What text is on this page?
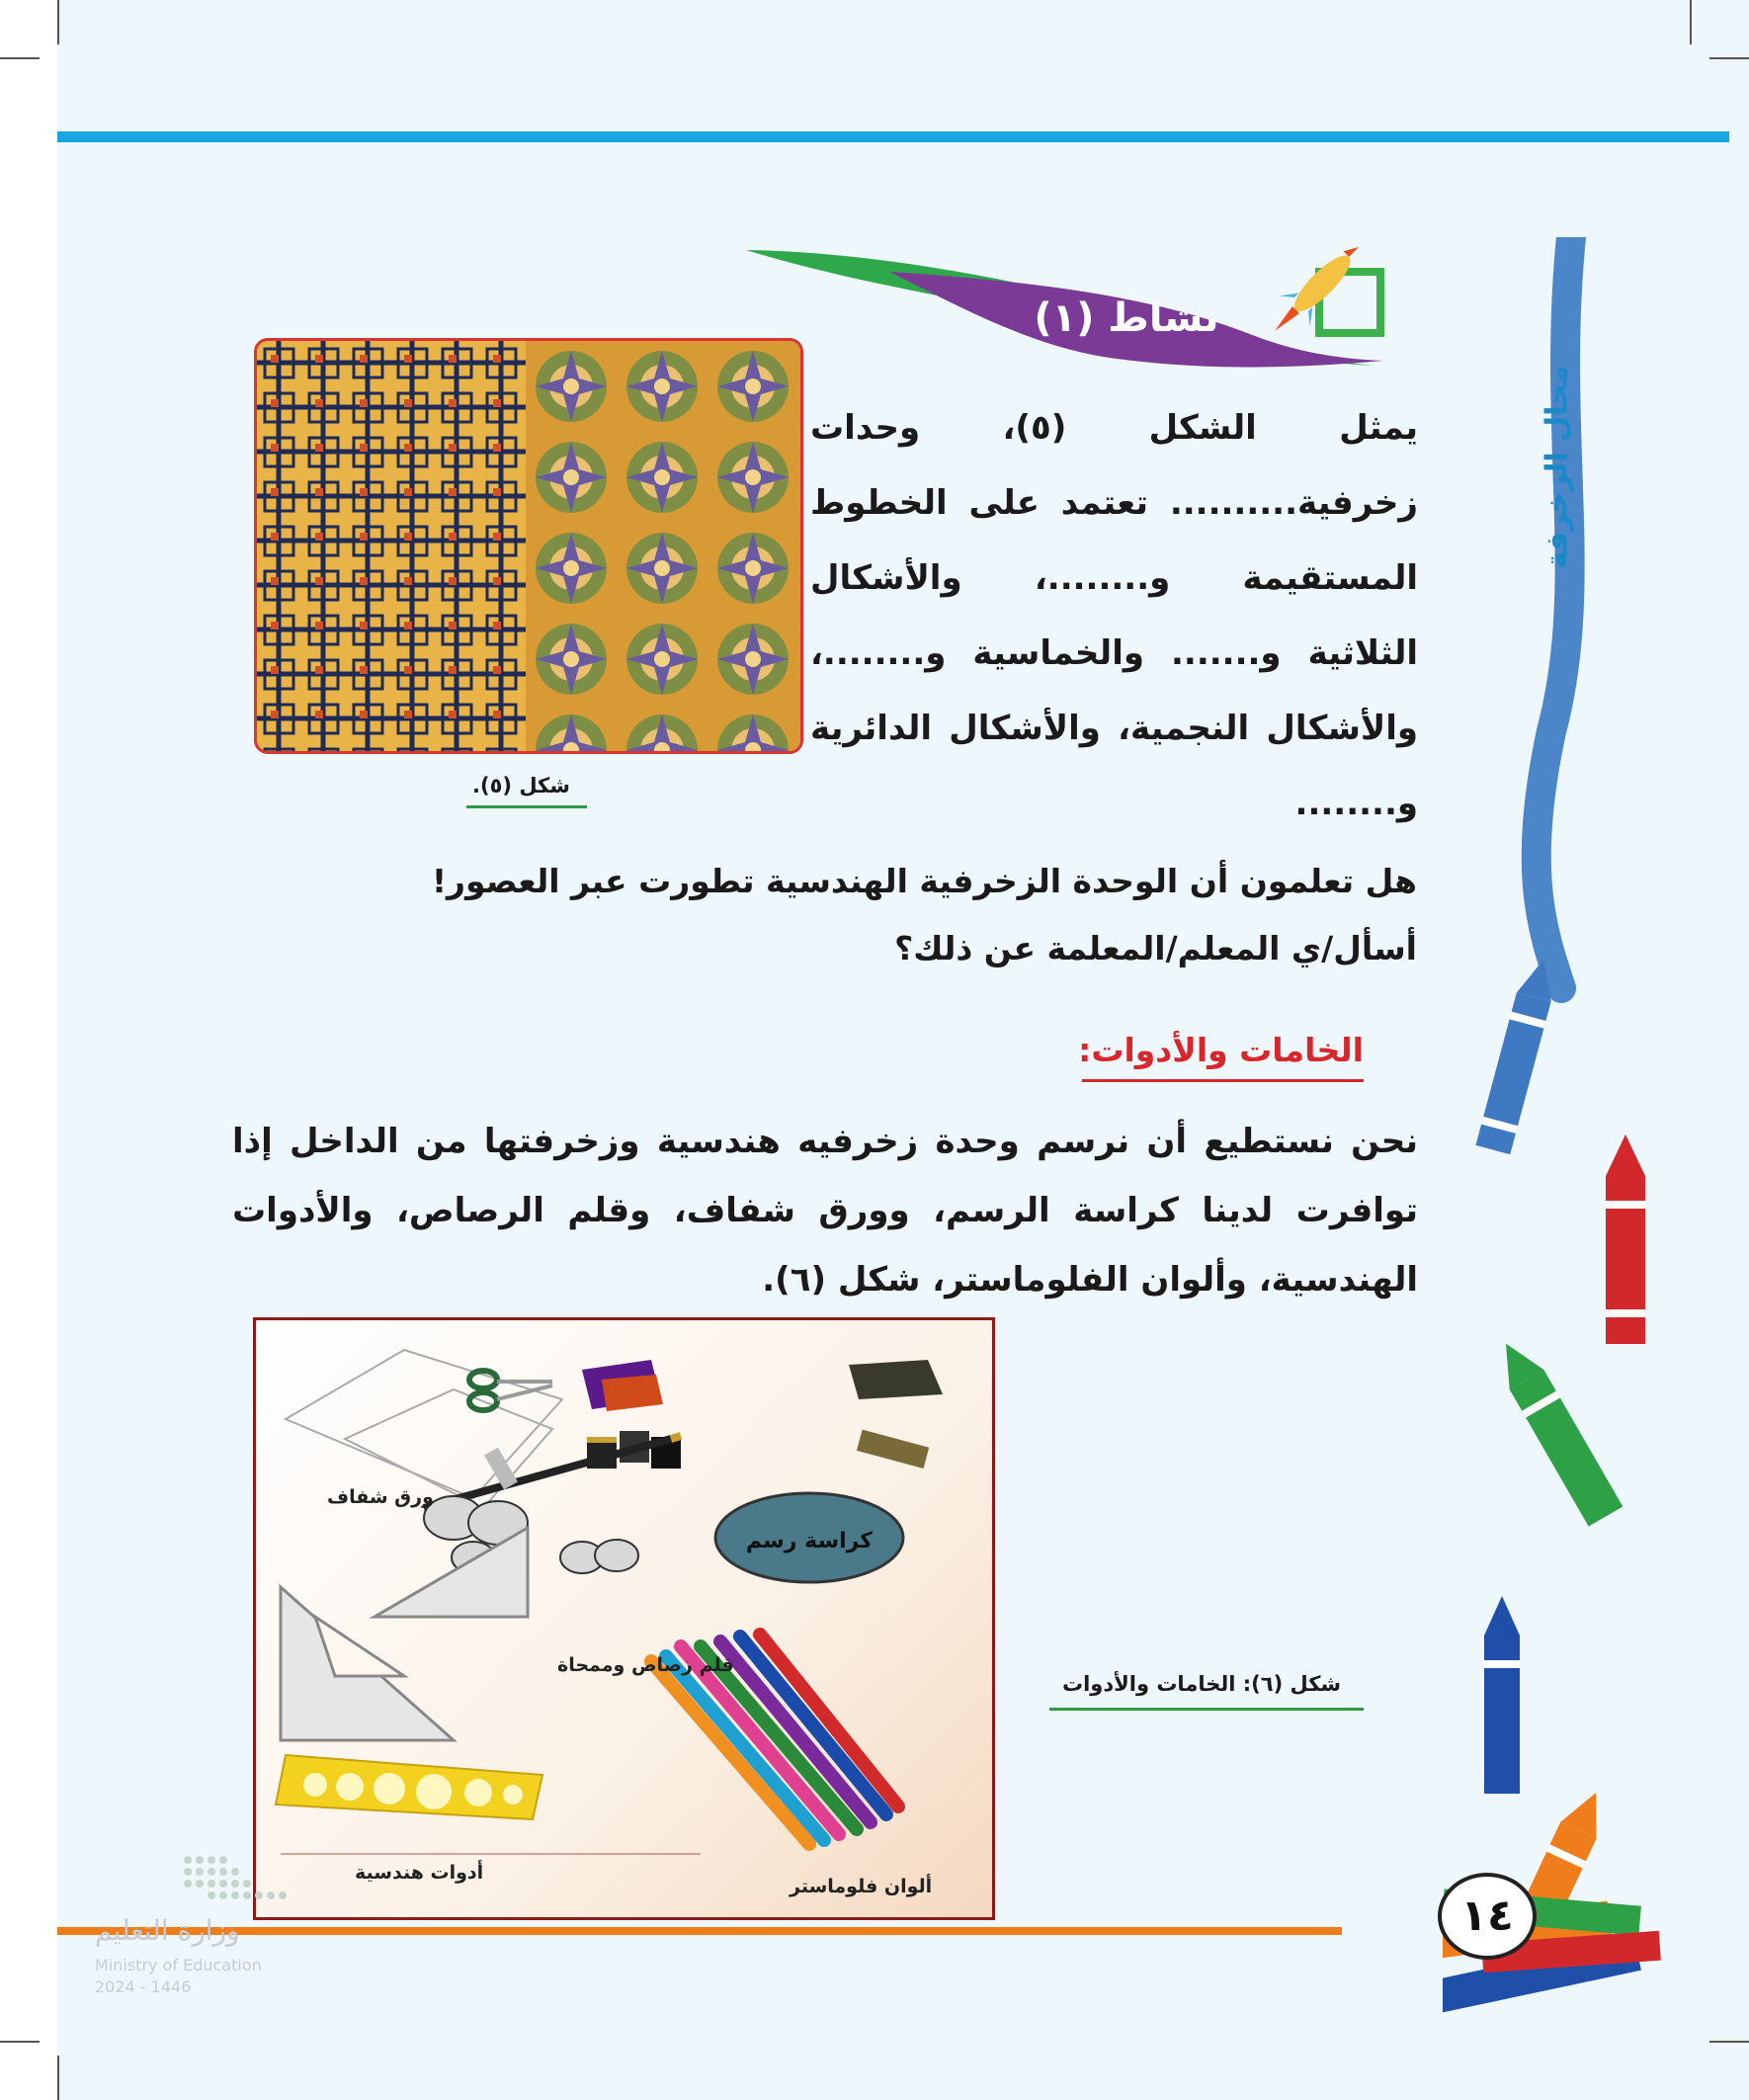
نشاط (١)
يمثل الشكل (٥)، وحدات زخرفية.......... تعتمد على الخطوط المستقيمة و........، والأشكال الثلاثية و....... والخماسية و........، والأشكال النجمية، والأشكال الدائرية و........
شكل (٥).
هل تعلمون أن الوحدة الزخرفية الهندسية تطورت عبر العصور!
أسأل/ي المعلم/المعلمة عن ذلك؟
الخامات والأدوات:
نحن نستطيع أن نرسم وحدة زخرفيه هندسية وزخرفتها من الداخل إذا توافرت لدينا كراسة الرسم، وورق شفاف، وقلم الرصاص، والأدوات الهندسية، وألوان الفلوماستر، شكل (٦).
كراسة رسم
ورق شفاف
قلم رصاص وممحاة
أدوات هندسية
ألوان فلوماستر
شكل (٦): الخامات والأدوات
مجال الزخرفة
١٤
وزارة التعليم
Ministry of Education
2024 - 1446
